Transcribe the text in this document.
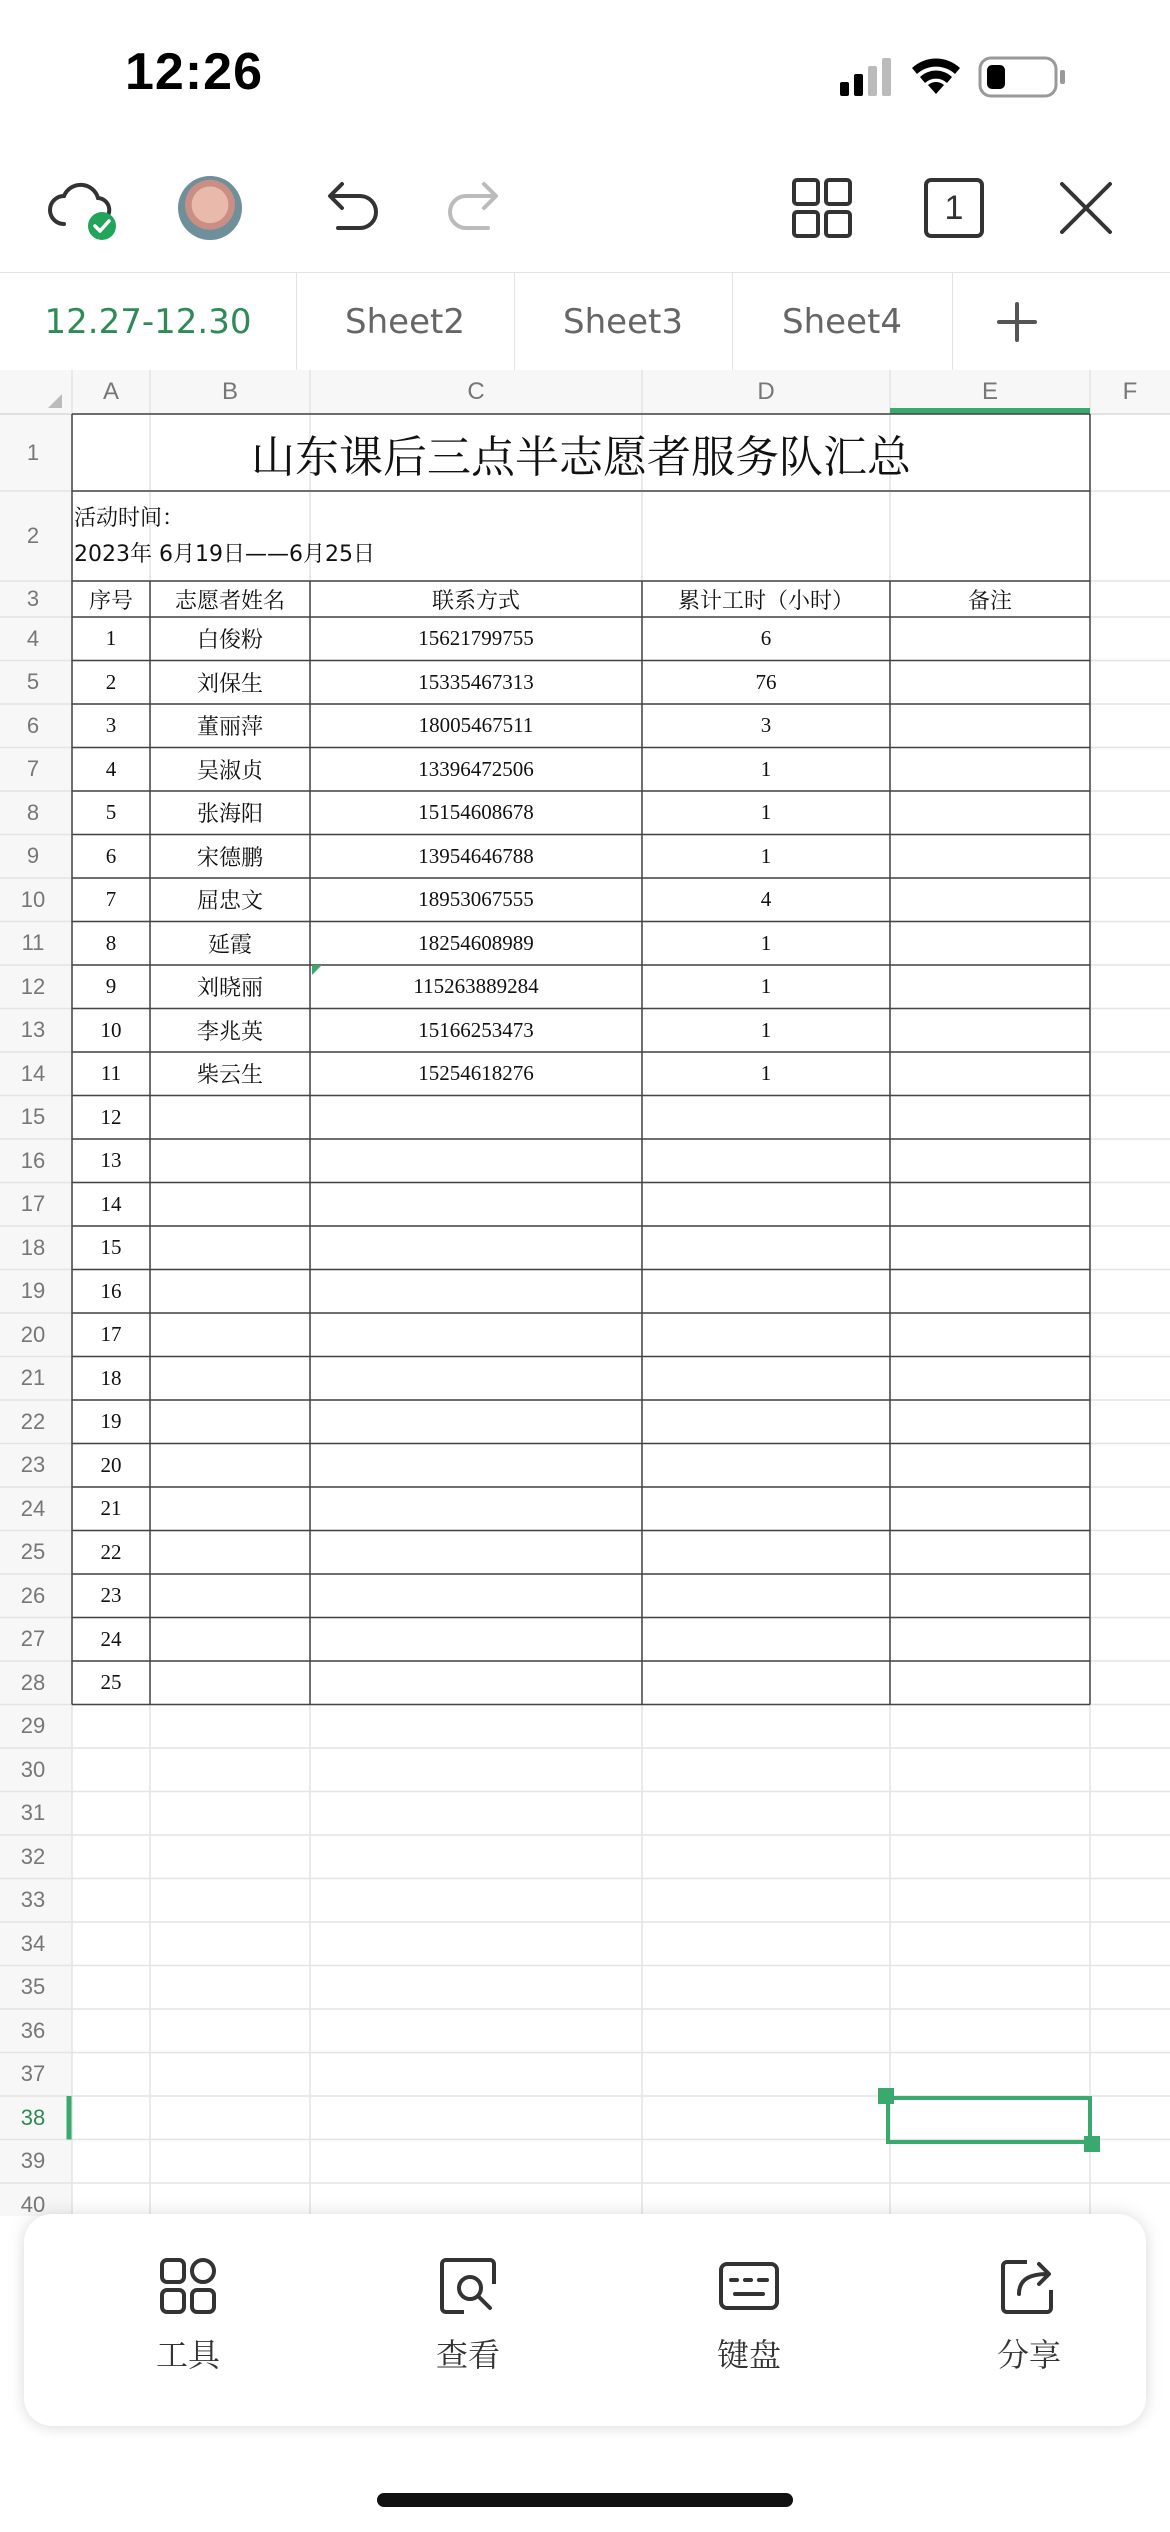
12:26
1
12.27-12.30	Sheet2	Sheet3	Sheet4
A	B	C	D	E	F
1
2
3
4
5
6
7
8
9
10
11
12
13
14
15
16
17
18
19
20
21
22
23
24
25
26
27
28
29
30
31
32
33
34
35
36
37
38
39
40
山东课后三点半志愿者服务队汇总
活动时间：
2023年 6月19日——6月25日
序号	志愿者姓名	联系方式	累计工时（小时）	备注
1	白俊粉	15621799755	6
2	刘保生	15335467313	76
3	董丽萍	18005467511	3
4	吴淑贞	13396472506	1
5	张海阳	15154608678	1
6	宋德鹏	13954646788	1
7	屈忠文	18953067555	4
8	延霞	18254608989	1
9	刘晓丽	115263889284	1
10	李兆英	15166253473	1
11	柴云生	15254618276	1
12
13
14
15
16
17
18
19
20
21
22
23
24
25
工具	查看	键盘	分享
